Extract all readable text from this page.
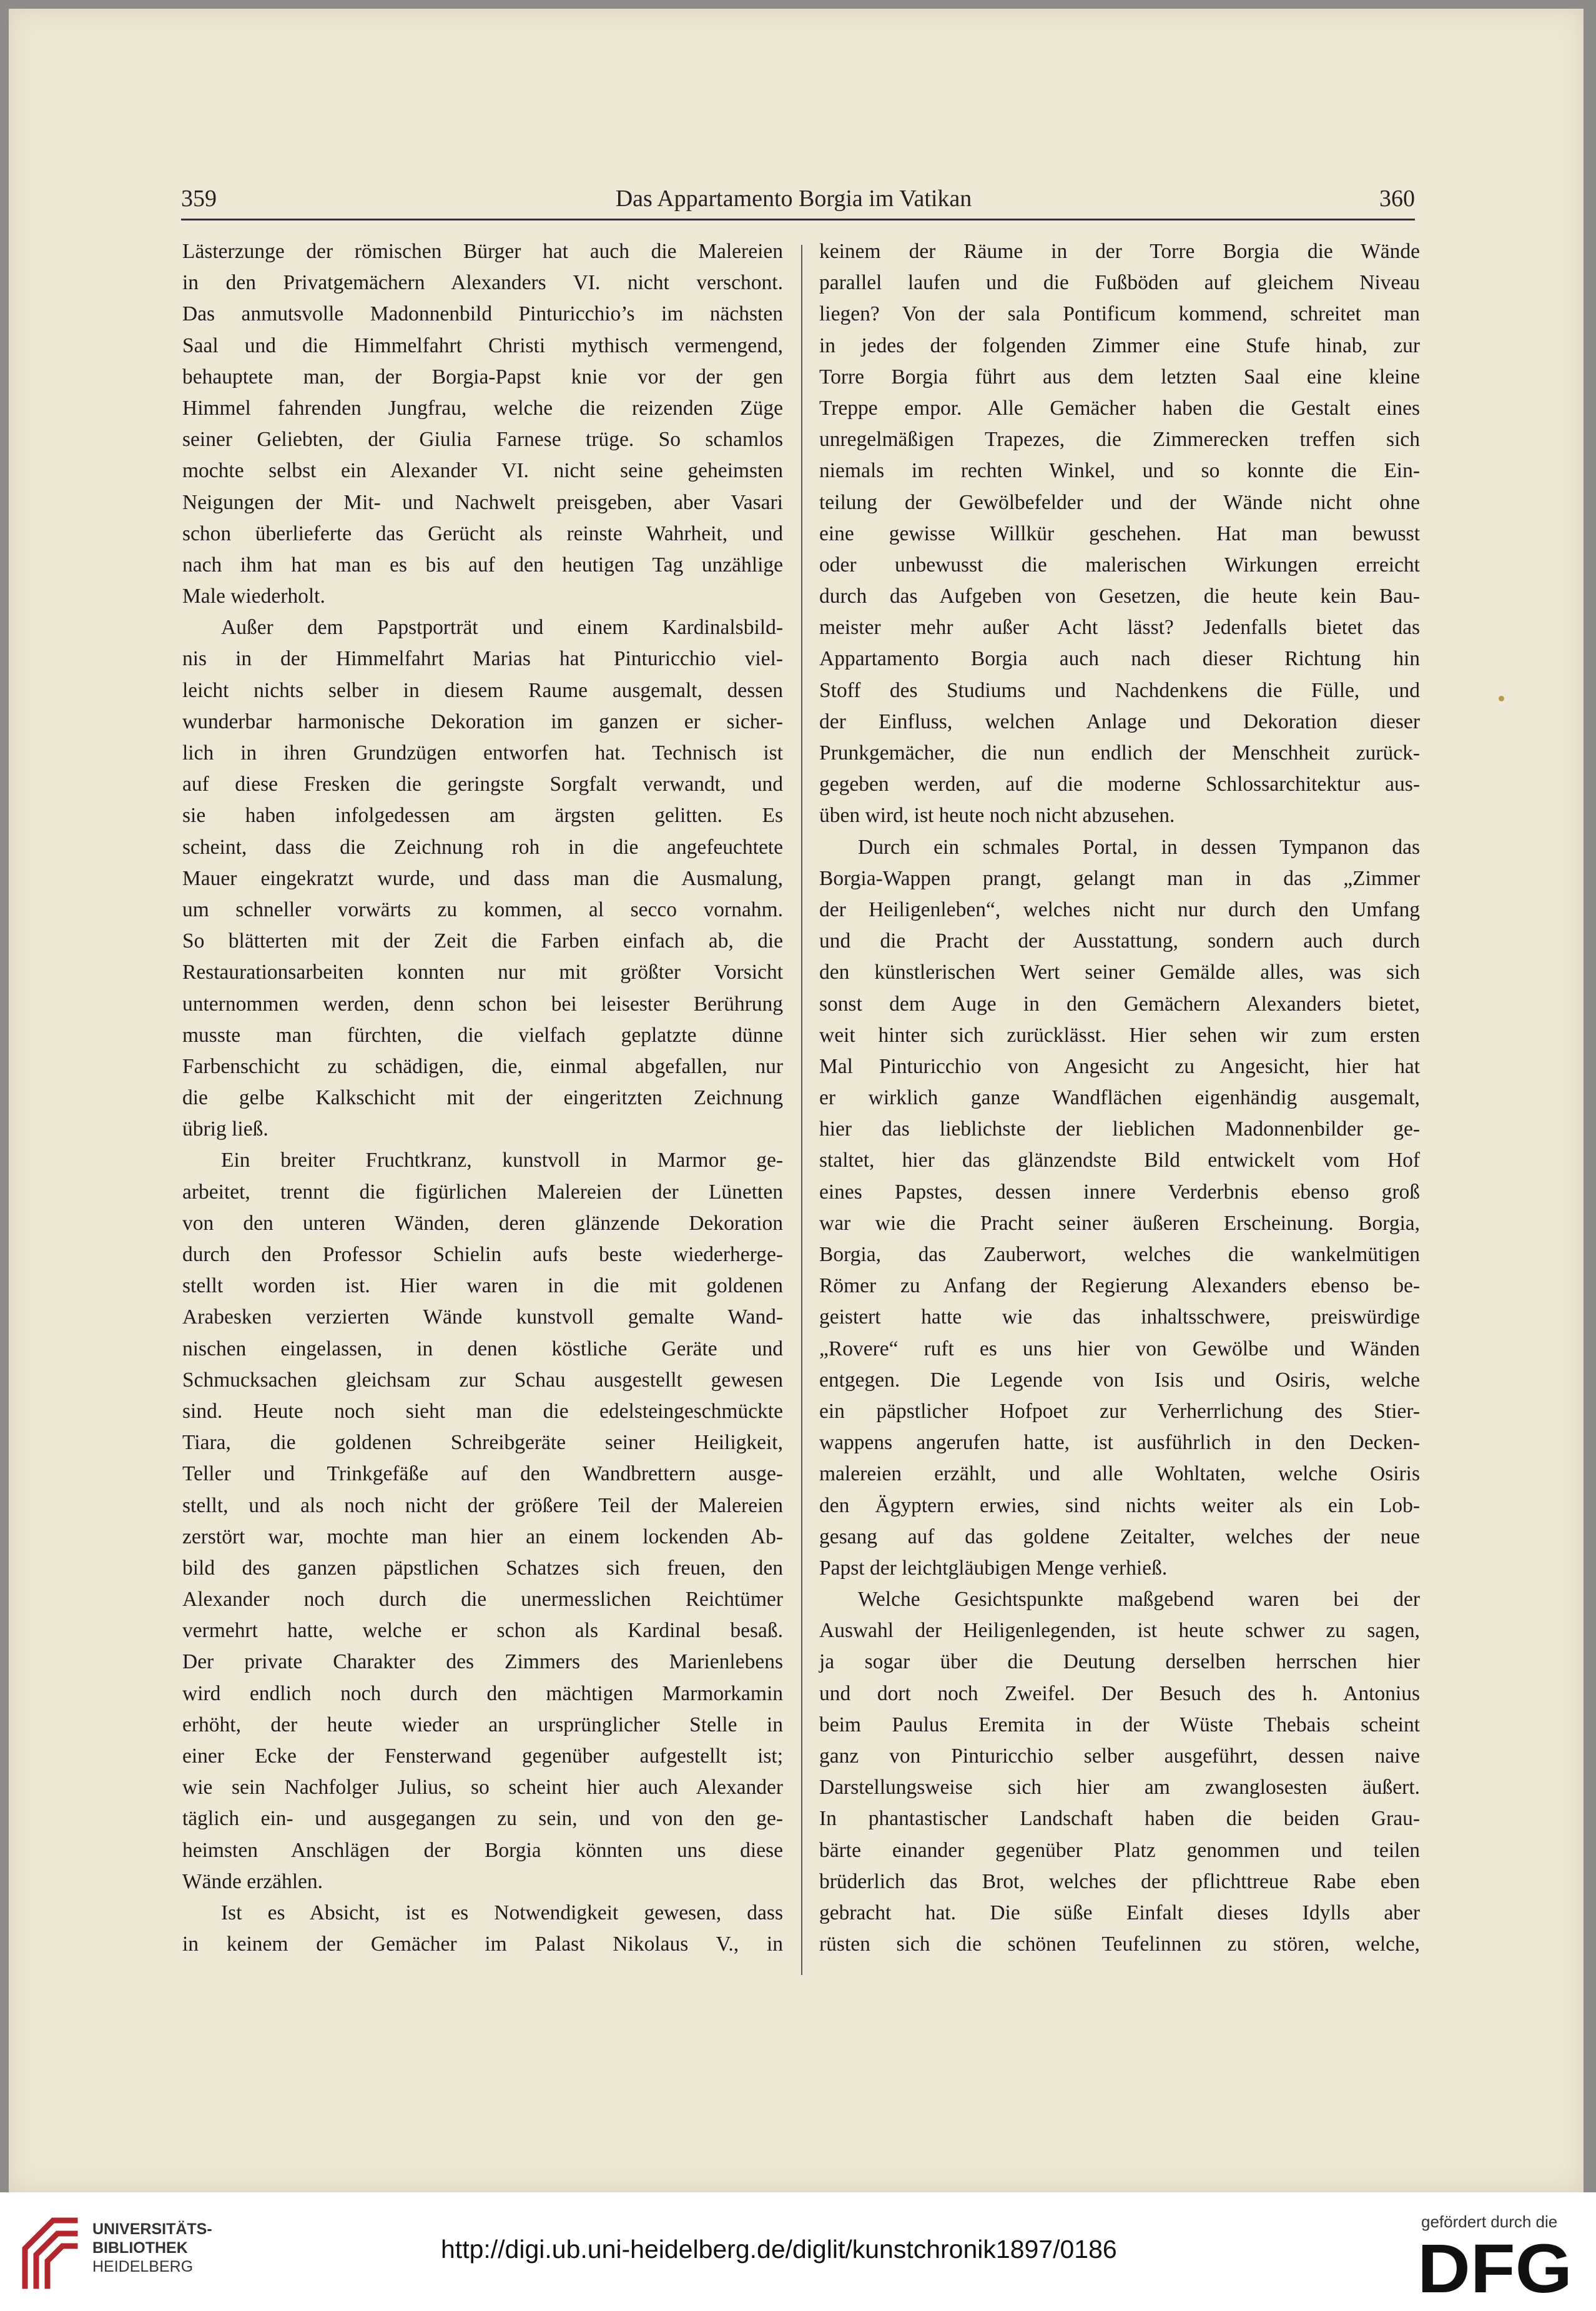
359	Das Appartamento Borgia im Vatikan	360
Lästerzunge der römischen Bürger hat auch die Malereien
in den Privatgemächern Alexanders VI. nicht verschont.
Das anmutsvolle Madonnenbild Pinturicchio’s im nächsten
Saal und die Himmelfahrt Christi mythisch vermengend,
behauptete man, der Borgia-Papst knie vor der gen
Himmel fahrenden Jungfrau, welche die reizenden Züge
seiner Geliebten, der Giulia Farnese trüge. So schamlos
mochte selbst ein Alexander VI. nicht seine geheimsten
Neigungen der Mit- und Nachwelt preisgeben, aber Vasari
schon überlieferte das Gerücht als reinste Wahrheit, und
nach ihm hat man es bis auf den heutigen Tag unzählige
Male wiederholt.
Außer dem Papstporträt und einem Kardinalsbild-
nis in der Himmelfahrt Marias hat Pinturicchio viel-
leicht nichts selber in diesem Raume ausgemalt, dessen
wunderbar harmonische Dekoration im ganzen er sicher-
lich in ihren Grundzügen entworfen hat. Technisch ist
auf diese Fresken die geringste Sorgfalt verwandt, und
sie haben infolgedessen am ärgsten gelitten. Es
scheint, dass die Zeichnung roh in die angefeuchtete
Mauer eingekratzt wurde, und dass man die Ausmalung,
um schneller vorwärts zu kommen, al secco vornahm.
So blätterten mit der Zeit die Farben einfach ab, die
Restaurationsarbeiten konnten nur mit größter Vorsicht
unternommen werden, denn schon bei leisester Berührung
musste man fürchten, die vielfach geplatzte dünne
Farbenschicht zu schädigen, die, einmal abgefallen, nur
die gelbe Kalkschicht mit der eingeritzten Zeichnung
übrig ließ.
Ein breiter Fruchtkranz, kunstvoll in Marmor ge-
arbeitet, trennt die figürlichen Malereien der Lünetten
von den unteren Wänden, deren glänzende Dekoration
durch den Professor Schielin aufs beste wiederherge-
stellt worden ist. Hier waren in die mit goldenen
Arabesken verzierten Wände kunstvoll gemalte Wand-
nischen eingelassen, in denen köstliche Geräte und
Schmucksachen gleichsam zur Schau ausgestellt gewesen
sind. Heute noch sieht man die edelsteingeschmückte
Tiara, die goldenen Schreibgeräte seiner Heiligkeit,
Teller und Trinkgefäße auf den Wandbrettern ausge-
stellt, und als noch nicht der größere Teil der Malereien
zerstört war, mochte man hier an einem lockenden Ab-
bild des ganzen päpstlichen Schatzes sich freuen, den
Alexander noch durch die unermesslichen Reichtümer
vermehrt hatte, welche er schon als Kardinal besaß.
Der private Charakter des Zimmers des Marienlebens
wird endlich noch durch den mächtigen Marmorkamin
erhöht, der heute wieder an ursprünglicher Stelle in
einer Ecke der Fensterwand gegenüber aufgestellt ist;
wie sein Nachfolger Julius, so scheint hier auch Alexander
täglich ein- und ausgegangen zu sein, und von den ge-
heimsten Anschlägen der Borgia könnten uns diese
Wände erzählen.
Ist es Absicht, ist es Notwendigkeit gewesen, dass
in keinem der Gemächer im Palast Nikolaus V., in
keinem der Räume in der Torre Borgia die Wände
parallel laufen und die Fußböden auf gleichem Niveau
liegen? Von der sala Pontificum kommend, schreitet man
in jedes der folgenden Zimmer eine Stufe hinab, zur
Torre Borgia führt aus dem letzten Saal eine kleine
Treppe empor. Alle Gemächer haben die Gestalt eines
unregelmäßigen Trapezes, die Zimmerecken treffen sich
niemals im rechten Winkel, und so konnte die Ein-
teilung der Gewölbefelder und der Wände nicht ohne
eine gewisse Willkür geschehen. Hat man bewusst
oder unbewusst die malerischen Wirkungen erreicht
durch das Aufgeben von Gesetzen, die heute kein Bau-
meister mehr außer Acht lässt? Jedenfalls bietet das
Appartamento Borgia auch nach dieser Richtung hin
Stoff des Studiums und Nachdenkens die Fülle, und
der Einfluss, welchen Anlage und Dekoration dieser
Prunkgemächer, die nun endlich der Menschheit zurück-
gegeben werden, auf die moderne Schlossarchitektur aus-
üben wird, ist heute noch nicht abzusehen.
Durch ein schmales Portal, in dessen Tympanon das
Borgia-Wappen prangt, gelangt man in das „Zimmer
der Heiligenleben“, welches nicht nur durch den Umfang
und die Pracht der Ausstattung, sondern auch durch
den künstlerischen Wert seiner Gemälde alles, was sich
sonst dem Auge in den Gemächern Alexanders bietet,
weit hinter sich zurücklässt. Hier sehen wir zum ersten
Mal Pinturicchio von Angesicht zu Angesicht, hier hat
er wirklich ganze Wandflächen eigenhändig ausgemalt,
hier das lieblichste der lieblichen Madonnenbilder ge-
staltet, hier das glänzendste Bild entwickelt vom Hof
eines Papstes, dessen innere Verderbnis ebenso groß
war wie die Pracht seiner äußeren Erscheinung. Borgia,
Borgia, das Zauberwort, welches die wankelmütigen
Römer zu Anfang der Regierung Alexanders ebenso be-
geistert hatte wie das inhaltsschwere, preiswürdige
„Rovere“ ruft es uns hier von Gewölbe und Wänden
entgegen. Die Legende von Isis und Osiris, welche
ein päpstlicher Hofpoet zur Verherrlichung des Stier-
wappens angerufen hatte, ist ausführlich in den Decken-
malereien erzählt, und alle Wohltaten, welche Osiris
den Ägyptern erwies, sind nichts weiter als ein Lob-
gesang auf das goldene Zeitalter, welches der neue
Papst der leichtgläubigen Menge verhieß.
Welche Gesichtspunkte maßgebend waren bei der
Auswahl der Heiligenlegenden, ist heute schwer zu sagen,
ja sogar über die Deutung derselben herrschen hier
und dort noch Zweifel. Der Besuch des h. Antonius
beim Paulus Eremita in der Wüste Thebais scheint
ganz von Pinturicchio selber ausgeführt, dessen naive
Darstellungsweise sich hier am zwanglosesten äußert.
In phantastischer Landschaft haben die beiden Grau-
bärte einander gegenüber Platz genommen und teilen
brüderlich das Brot, welches der pflichttreue Rabe eben
gebracht hat. Die süße Einfalt dieses Idylls aber
rüsten sich die schönen Teufelinnen zu stören, welche,
UNIVERSITÄTS-
BIBLIOTHEK
HEIDELBERG
http://digi.ub.uni-heidelberg.de/diglit/kunstchronik1897/0186
gefördert durch die
DFG
